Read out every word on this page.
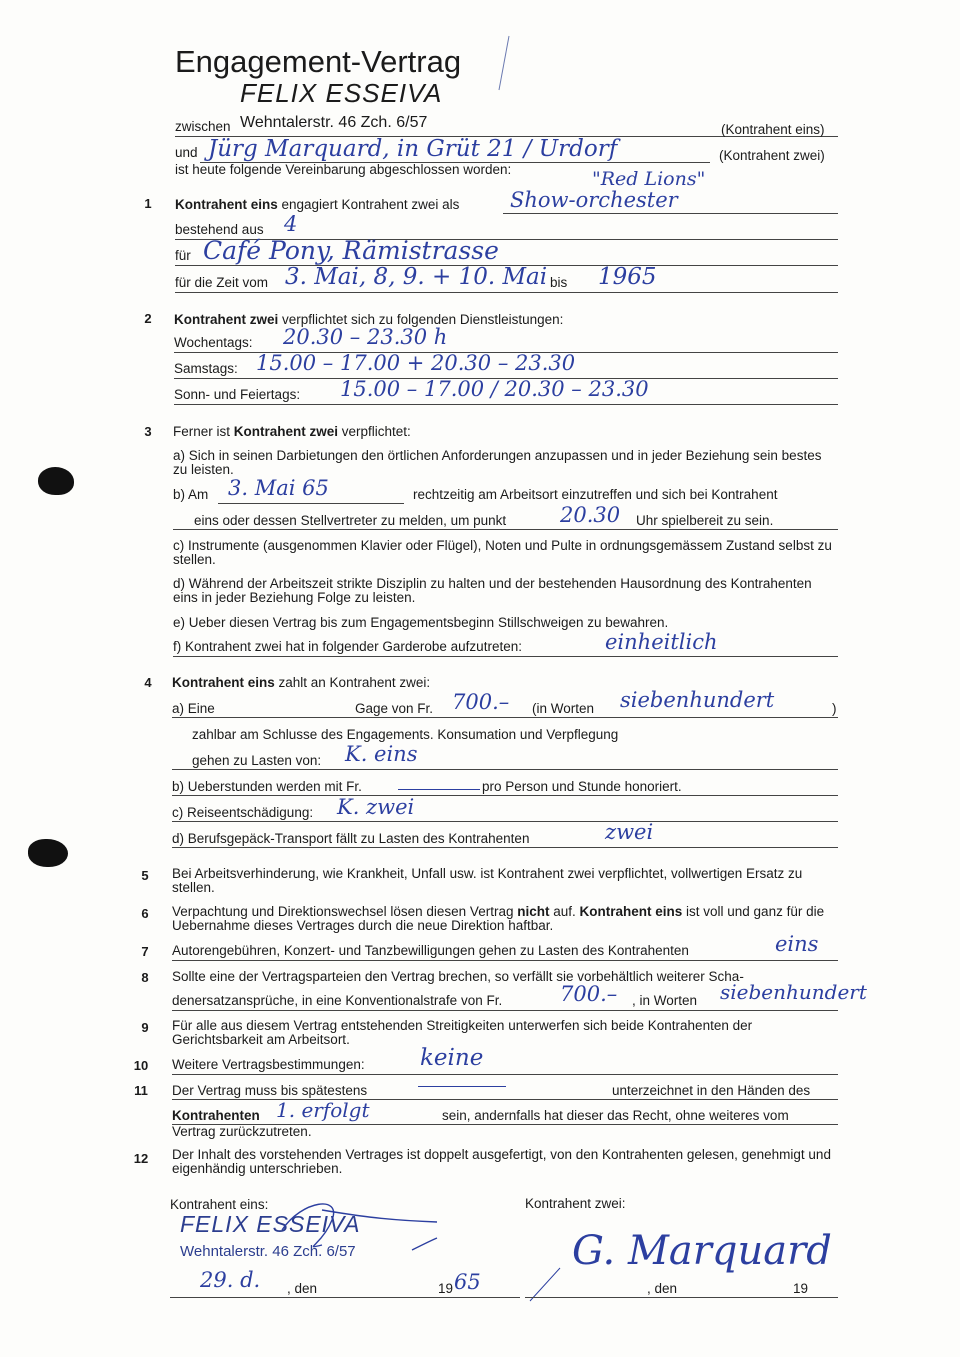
Engagement-Vertrag
FELIX ESSEIVA
zwischen Wehntalerstr. 46 Zch. 6/57	(Kontrahent eins)
und Jürg Marquard, in Grüt 21 / Urdorf	(Kontrahent zwei)
ist heute folgende Vereinbarung abgeschlossen worden:	"Red Lions"
1	Kontrahent eins engagiert Kontrahent zwei als Show-orchester
bestehend aus 4
für Café Pony, Rämistrasse
für die Zeit vom 3. Mai, 8, 9. + 10. Mai bis 1965
2	Kontrahent zwei verpflichtet sich zu folgenden Dienstleistungen:
Wochentags: 20.30 – 23.30 h
Samstags: 15.00 – 17.00 + 20.30 – 23.30
Sonn- und Feiertags: 15.00 – 17.00 / 20.30 – 23.30
3	Ferner ist Kontrahent zwei verpflichtet:
a) Sich in seinen Darbietungen den örtlichen Anforderungen anzupassen und in jeder Beziehung sein bestes zu leisten.
b) Am 3. Mai 65	rechtzeitig am Arbeitsort einzutreffen und sich bei Kontrahent
eins oder dessen Stellvertreter zu melden, um punkt	20.30 Uhr spielbereit zu sein.
c) Instrumente (ausgenommen Klavier oder Flügel), Noten und Pulte in ordnungsgemässem Zustand selbst zu stellen.
d) Während der Arbeitszeit strikte Disziplin zu halten und der bestehenden Hausordnung des Kontrahenten eins in jeder Beziehung Folge zu leisten.
e) Ueber diesen Vertrag bis zum Engagementsbeginn Stillschweigen zu bewahren.
f) Kontrahent zwei hat in folgender Garderobe aufzutreten:	einheitlich
4	Kontrahent eins zahlt an Kontrahent zwei:
a) Eine	Gage von Fr. 700.– (in Worten siebenhundert	)
zahlbar am Schlusse des Engagements. Konsumation und Verpflegung
gehen zu Lasten von: K. eins
b) Ueberstunden werden mit Fr.	pro Person und Stunde honoriert.
c) Reiseentschädigung: K. zwei
d) Berufsgepäck-Transport fällt zu Lasten des Kontrahenten	zwei
5	Bei Arbeitsverhinderung, wie Krankheit, Unfall usw. ist Kontrahent zwei verpflichtet, vollwertigen Ersatz zu stellen.
6	Verpachtung und Direktionswechsel lösen diesen Vertrag nicht auf. Kontrahent eins ist voll und ganz für die Uebernahme dieses Vertrages durch die neue Direktion haftbar.
7	Autorengebühren, Konzert- und Tanzbewilligungen gehen zu Lasten des Kontrahenten	eins
8	Sollte eine der Vertragsparteien den Vertrag brechen, so verfällt sie vorbehältlich weiterer Scha-
denersatzansprüche, in eine Konventionalstrafe von Fr.	700.– , in Worten siebenhundert
9	Für alle aus diesem Vertrag entstehenden Streitigkeiten unterwerfen sich beide Kontrahenten der Gerichtsbarkeit am Arbeitsort.
10 Weitere Vertragsbestimmungen: keine
11 Der Vertrag muss bis spätestens	unterzeichnet in den Händen des
Kontrahenten 1. erfolgt	sein, andernfalls hat dieser das Recht, ohne weiteres vom
Vertrag zurückzutreten.
12 Der Inhalt des vorstehenden Vertrages ist doppelt ausgefertigt, von den Kontrahenten gelesen, genehmigt und eigenhändig unterschrieben.
Kontrahent eins:
FELIX ESSEIVA
Wehntalerstr. 46 Zch. 6/57
29. d. , den	19 65
Kontrahent zwei:
G. Marquard
, den	19
